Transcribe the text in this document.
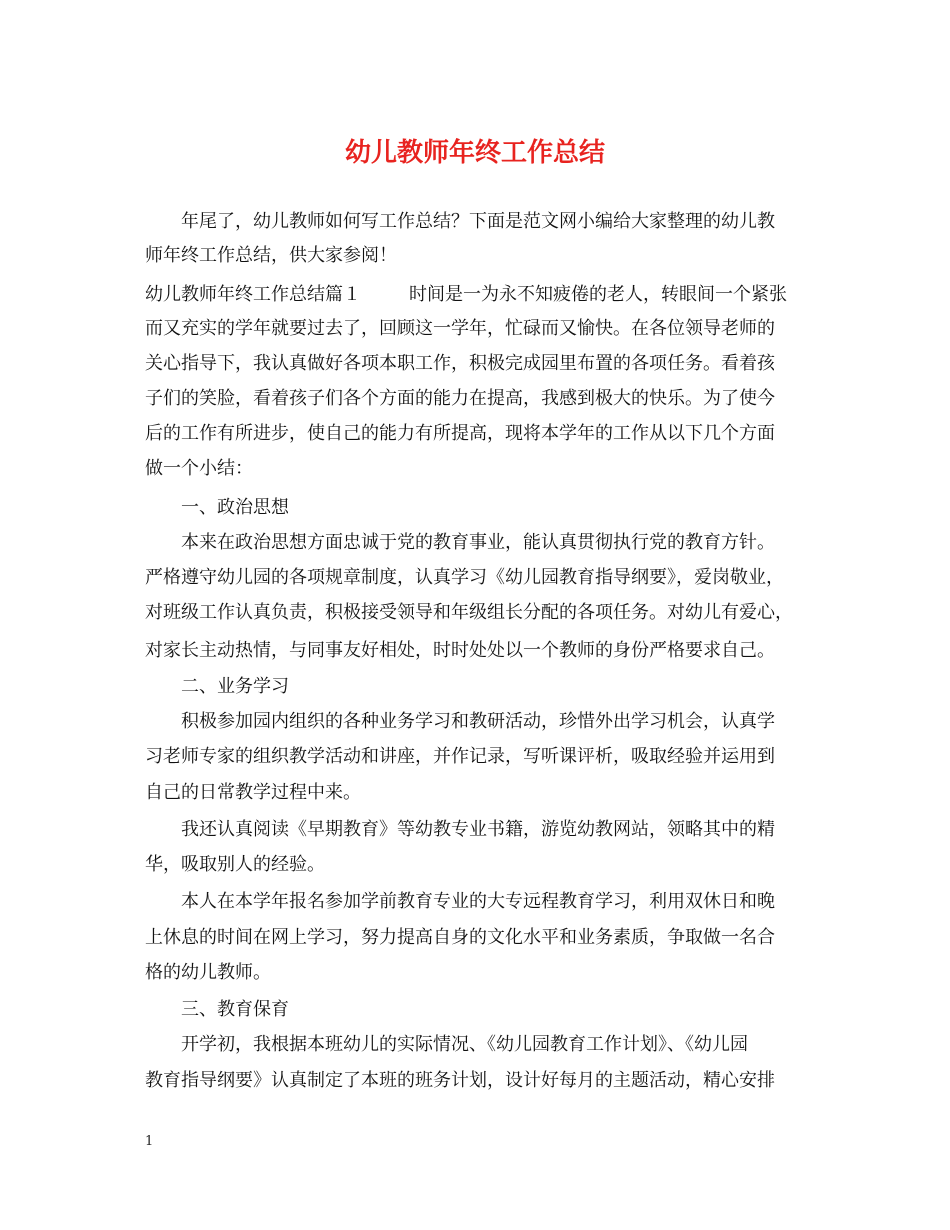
幼儿教师年终工作总结

年尾了，幼儿教师如何写工作总结？下面是范文网小编给大家整理的幼儿教

师年终工作总结，供大家参阅！

幼儿教师年终工作总结篇１	时间是一为永不知疲倦的老人，转眼间一个紧张

而又充实的学年就要过去了，回顾这一学年，忙碌而又愉快。在各位领导老师的

关心指导下，我认真做好各项本职工作，积极完成园里布置的各项任务。看着孩

子们的笑脸，看着孩子们各个方面的能力在提高，我感到极大的快乐。为了使今

后的工作有所进步，使自己的能力有所提高，现将本学年的工作从以下几个方面

做一个小结：

一、政治思想

本来在政治思想方面忠诚于党的教育事业，能认真贯彻执行党的教育方针。

严格遵守幼儿园的各项规章制度，认真学习《幼儿园教育指导纲要》，爱岗敬业，

对班级工作认真负责，积极接受领导和年级组长分配的各项任务。对幼儿有爱心，

对家长主动热情，与同事友好相处，时时处处以一个教师的身份严格要求自己。

二、业务学习

积极参加园内组织的各种业务学习和教研活动，珍惜外出学习机会，认真学

习老师专家的组织教学活动和讲座，并作记录，写听课评析，吸取经验并运用到

自己的日常教学过程中来。

我还认真阅读《早期教育》等幼教专业书籍，游览幼教网站，领略其中的精

华，吸取别人的经验。

本人在本学年报名参加学前教育专业的大专远程教育学习，利用双休日和晚

上休息的时间在网上学习，努力提高自身的文化水平和业务素质，争取做一名合

格的幼儿教师。

三、教育保育

开学初，我根据本班幼儿的实际情况、《幼儿园教育工作计划》、《幼儿园

教育指导纲要》认真制定了本班的班务计划，设计好每月的主题活动，精心安排

1
